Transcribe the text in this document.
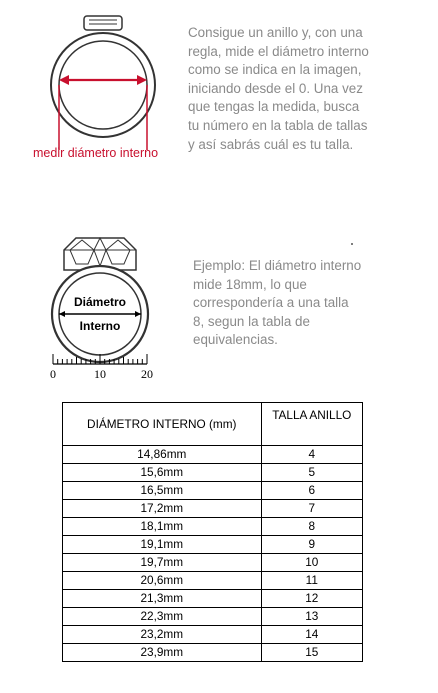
medir diámetro interno
Consigue un anillo y, con una
regla, mide el diámetro interno
como se indica en la imagen,
iniciando desde el 0. Una vez
que tengas la medida, busca
tu número en la tabla de tallas
y así sabrás cuál es tu talla.
Diámetro
Interno
0	10	20
Ejemplo: El diámetro interno
mide 18mm, lo que
correspondería a una talla
8, segun la tabla de
equivalencias.
DIÁMETRO INTERNO (mm)	TALLA ANILLO
14,86mm	4
15,6mm	5
16,5mm	6
17,2mm	7
18,1mm	8
19,1mm	9
19,7mm	10
20,6mm	11
21,3mm	12
22,3mm	13
23,2mm	14
23,9mm	15
